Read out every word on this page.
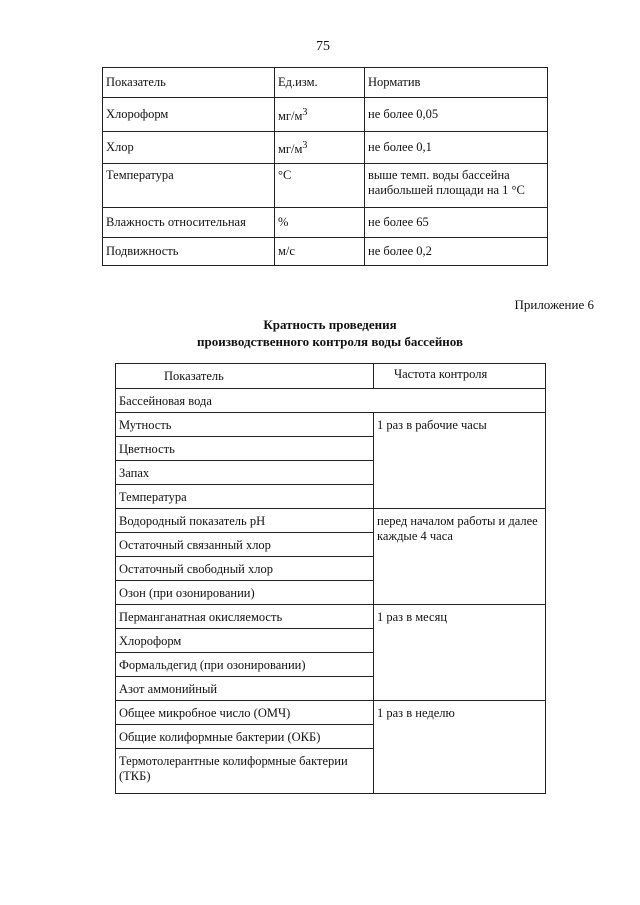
75
Показатель	Ед.изм.	Норматив
Хлороформ	$мг/м^3$	не более 0,05
Хлор	$мг/м^3$	не более 0,1
Температура	°С	выше темп. воды бассейна наибольшей площади на 1 °С
Влажность относительная	%	не более 65
Подвижность	м/с	не более 0,2
Приложение 6
Кратность проведения
производственного контроля воды бассейнов
Показатель	Частота контроля
Бассейновая вода	
Мутность	1 раз в рабочие часы
Цветность	
Запах	
Температура	
Водородный показатель pH	перед началом работы и далее каждые 4 часа
Остаточный связанный хлор	
Остаточный свободный хлор	
Озон (при озонировании)	
Перманганатная окисляемость	1 раз в месяц
Хлороформ	
Формальдегид (при озонировании)	
Азот аммонийный	
Общее микробное число (ОМЧ)	1 раз в неделю
Общие колиформные бактерии (ОКБ)	
Термотолерантные колиформные бактерии (ТКБ)	
